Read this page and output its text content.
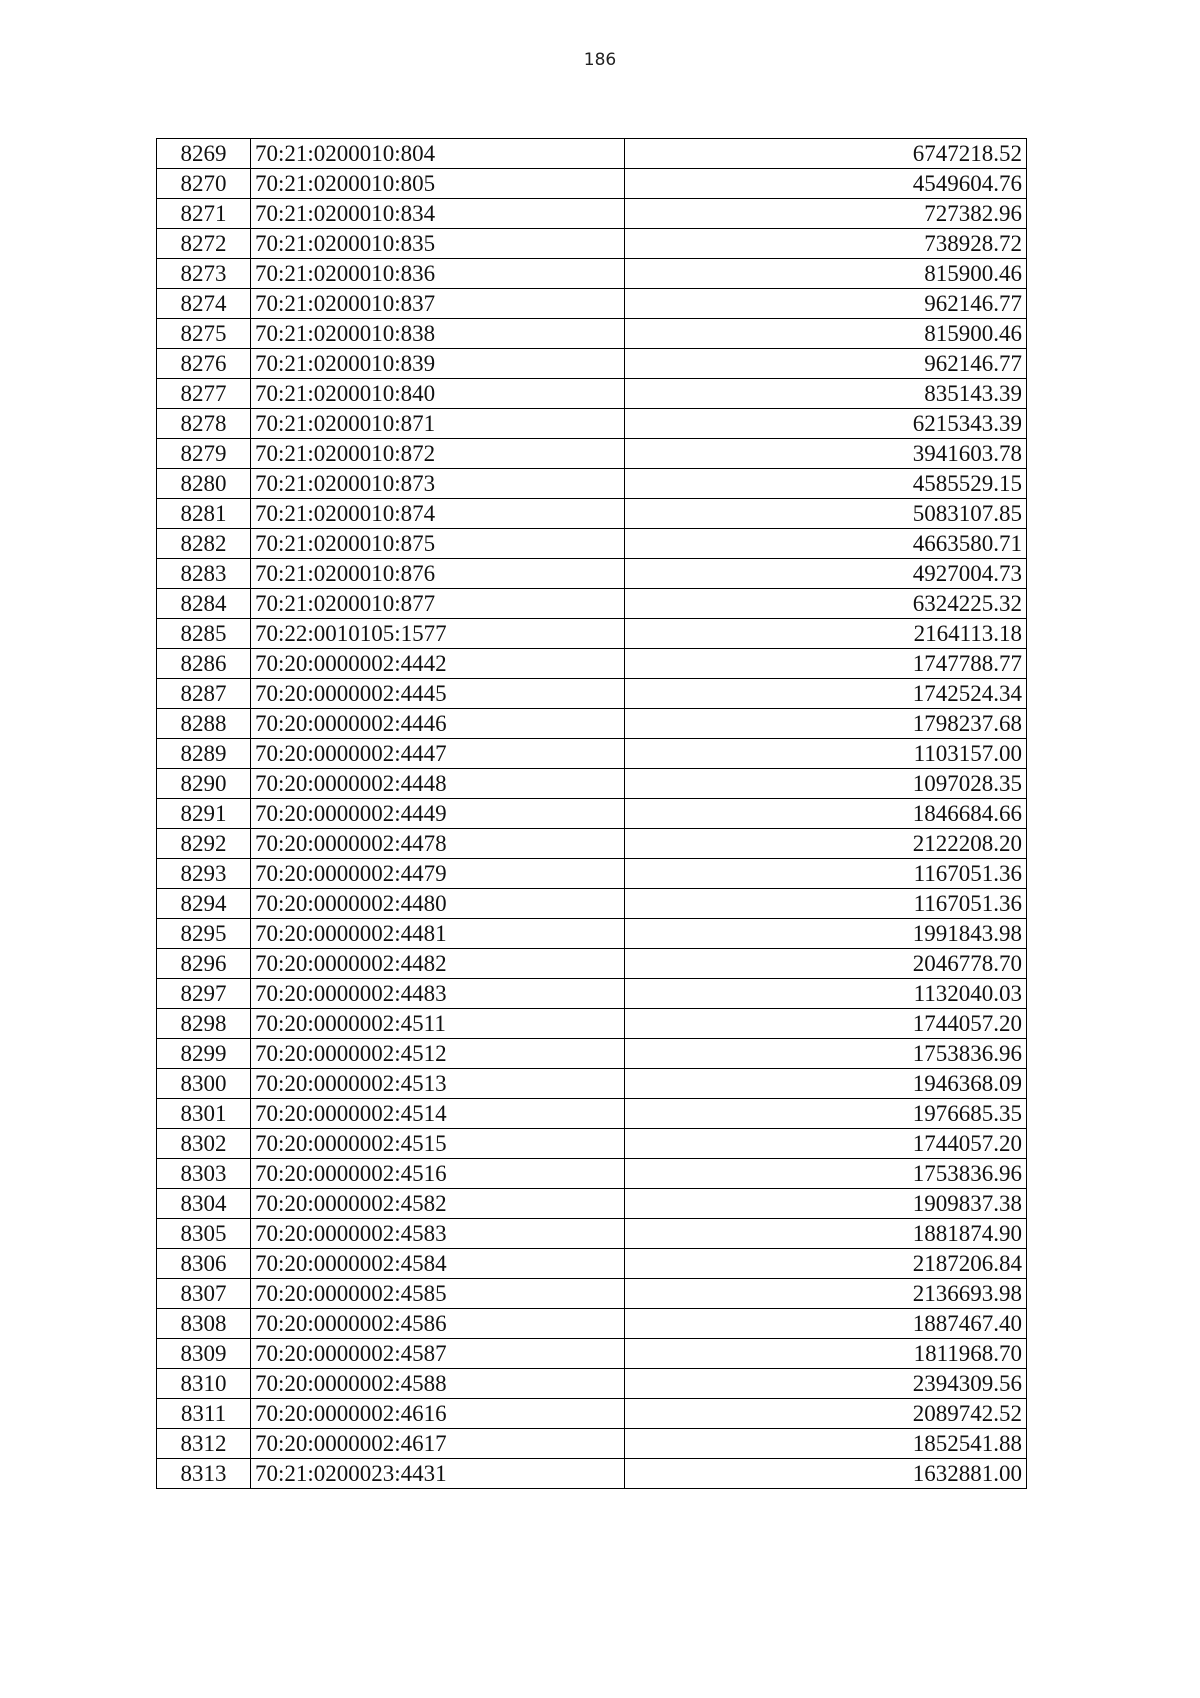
186
8269	70:21:0200010:804	6747218.52
8270	70:21:0200010:805	4549604.76
8271	70:21:0200010:834	727382.96
8272	70:21:0200010:835	738928.72
8273	70:21:0200010:836	815900.46
8274	70:21:0200010:837	962146.77
8275	70:21:0200010:838	815900.46
8276	70:21:0200010:839	962146.77
8277	70:21:0200010:840	835143.39
8278	70:21:0200010:871	6215343.39
8279	70:21:0200010:872	3941603.78
8280	70:21:0200010:873	4585529.15
8281	70:21:0200010:874	5083107.85
8282	70:21:0200010:875	4663580.71
8283	70:21:0200010:876	4927004.73
8284	70:21:0200010:877	6324225.32
8285	70:22:0010105:1577	2164113.18
8286	70:20:0000002:4442	1747788.77
8287	70:20:0000002:4445	1742524.34
8288	70:20:0000002:4446	1798237.68
8289	70:20:0000002:4447	1103157.00
8290	70:20:0000002:4448	1097028.35
8291	70:20:0000002:4449	1846684.66
8292	70:20:0000002:4478	2122208.20
8293	70:20:0000002:4479	1167051.36
8294	70:20:0000002:4480	1167051.36
8295	70:20:0000002:4481	1991843.98
8296	70:20:0000002:4482	2046778.70
8297	70:20:0000002:4483	1132040.03
8298	70:20:0000002:4511	1744057.20
8299	70:20:0000002:4512	1753836.96
8300	70:20:0000002:4513	1946368.09
8301	70:20:0000002:4514	1976685.35
8302	70:20:0000002:4515	1744057.20
8303	70:20:0000002:4516	1753836.96
8304	70:20:0000002:4582	1909837.38
8305	70:20:0000002:4583	1881874.90
8306	70:20:0000002:4584	2187206.84
8307	70:20:0000002:4585	2136693.98
8308	70:20:0000002:4586	1887467.40
8309	70:20:0000002:4587	1811968.70
8310	70:20:0000002:4588	2394309.56
8311	70:20:0000002:4616	2089742.52
8312	70:20:0000002:4617	1852541.88
8313	70:21:0200023:4431	1632881.00
